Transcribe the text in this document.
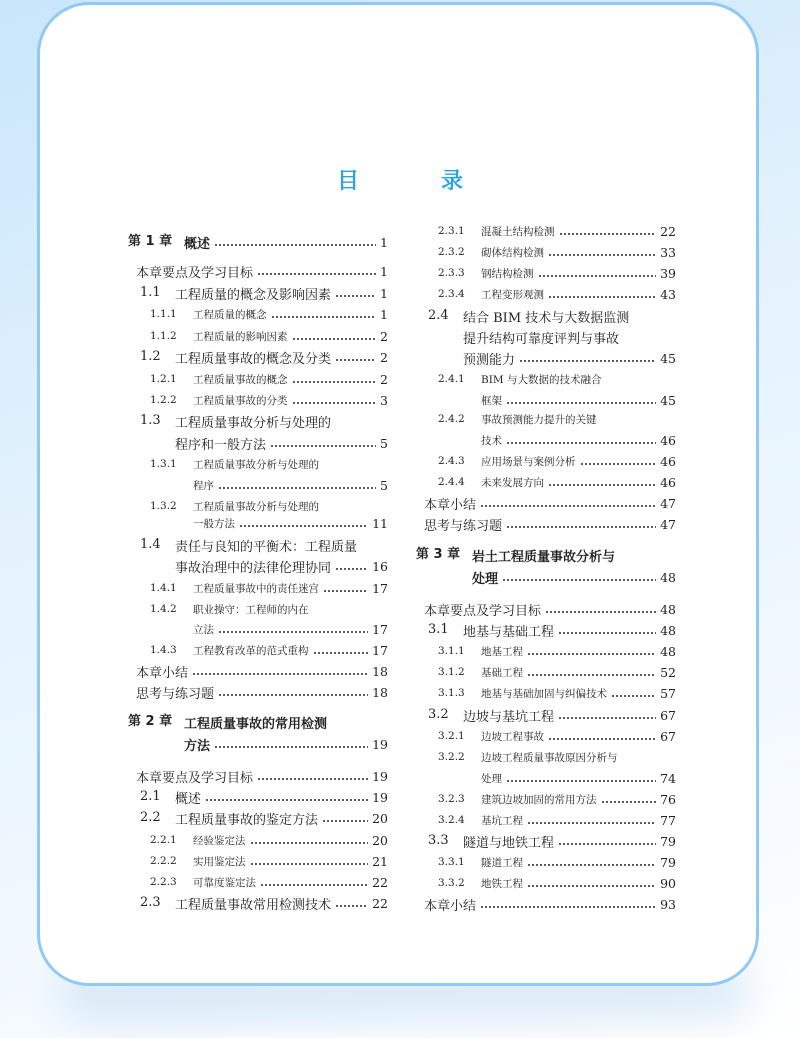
目　录
第 1 章 概述	1
本章要点及学习目标	1
1.1 工程质量的概念及影响因素	1
1.1.1 工程质量的概念	1
1.1.2 工程质量的影响因素	2
1.2 工程质量事故的概念及分类	2
1.2.1 工程质量事故的概念	2
1.2.2 工程质量事故的分类	3
1.3 工程质量事故分析与处理的
程序和一般方法	5
1.3.1 工程质量事故分析与处理的
程序	5
1.3.2 工程质量事故分析与处理的
一般方法	11
1.4 责任与良知的平衡术：工程质量
事故治理中的法律伦理协同	16
1.4.1 工程质量事故中的责任迷宫	17
1.4.2 职业操守：工程师的内在
立法	17
1.4.3 工程教育改革的范式重构	17
本章小结	18
思考与练习题	18
第 2 章 工程质量事故的常用检测
方法	19
本章要点及学习目标	19
2.1 概述	19
2.2 工程质量事故的鉴定方法	20
2.2.1 经验鉴定法	20
2.2.2 实用鉴定法	21
2.2.3 可靠度鉴定法	22
2.3 工程质量事故常用检测技术	22
2.3.1 混凝土结构检测	22
2.3.2 砌体结构检测	33
2.3.3 钢结构检测	39
2.3.4 工程变形观测	43
2.4 结合 BIM 技术与大数据监测
提升结构可靠度评判与事故
预测能力	45
2.4.1 BIM 与大数据的技术融合
框架	45
2.4.2 事故预测能力提升的关键
技术	46
2.4.3 应用场景与案例分析	46
2.4.4 未来发展方向	46
本章小结	47
思考与练习题	47
第 3 章 岩土工程质量事故分析与
处理	48
本章要点及学习目标	48
3.1 地基与基础工程	48
3.1.1 地基工程	48
3.1.2 基础工程	52
3.1.3 地基与基础加固与纠偏技术	57
3.2 边坡与基坑工程	67
3.2.1 边坡工程事故	67
3.2.2 边坡工程质量事故原因分析与
处理	74
3.2.3 建筑边坡加固的常用方法	76
3.2.4 基坑工程	77
3.3 隧道与地铁工程	79
3.3.1 隧道工程	79
3.3.2 地铁工程	90
本章小结	93
